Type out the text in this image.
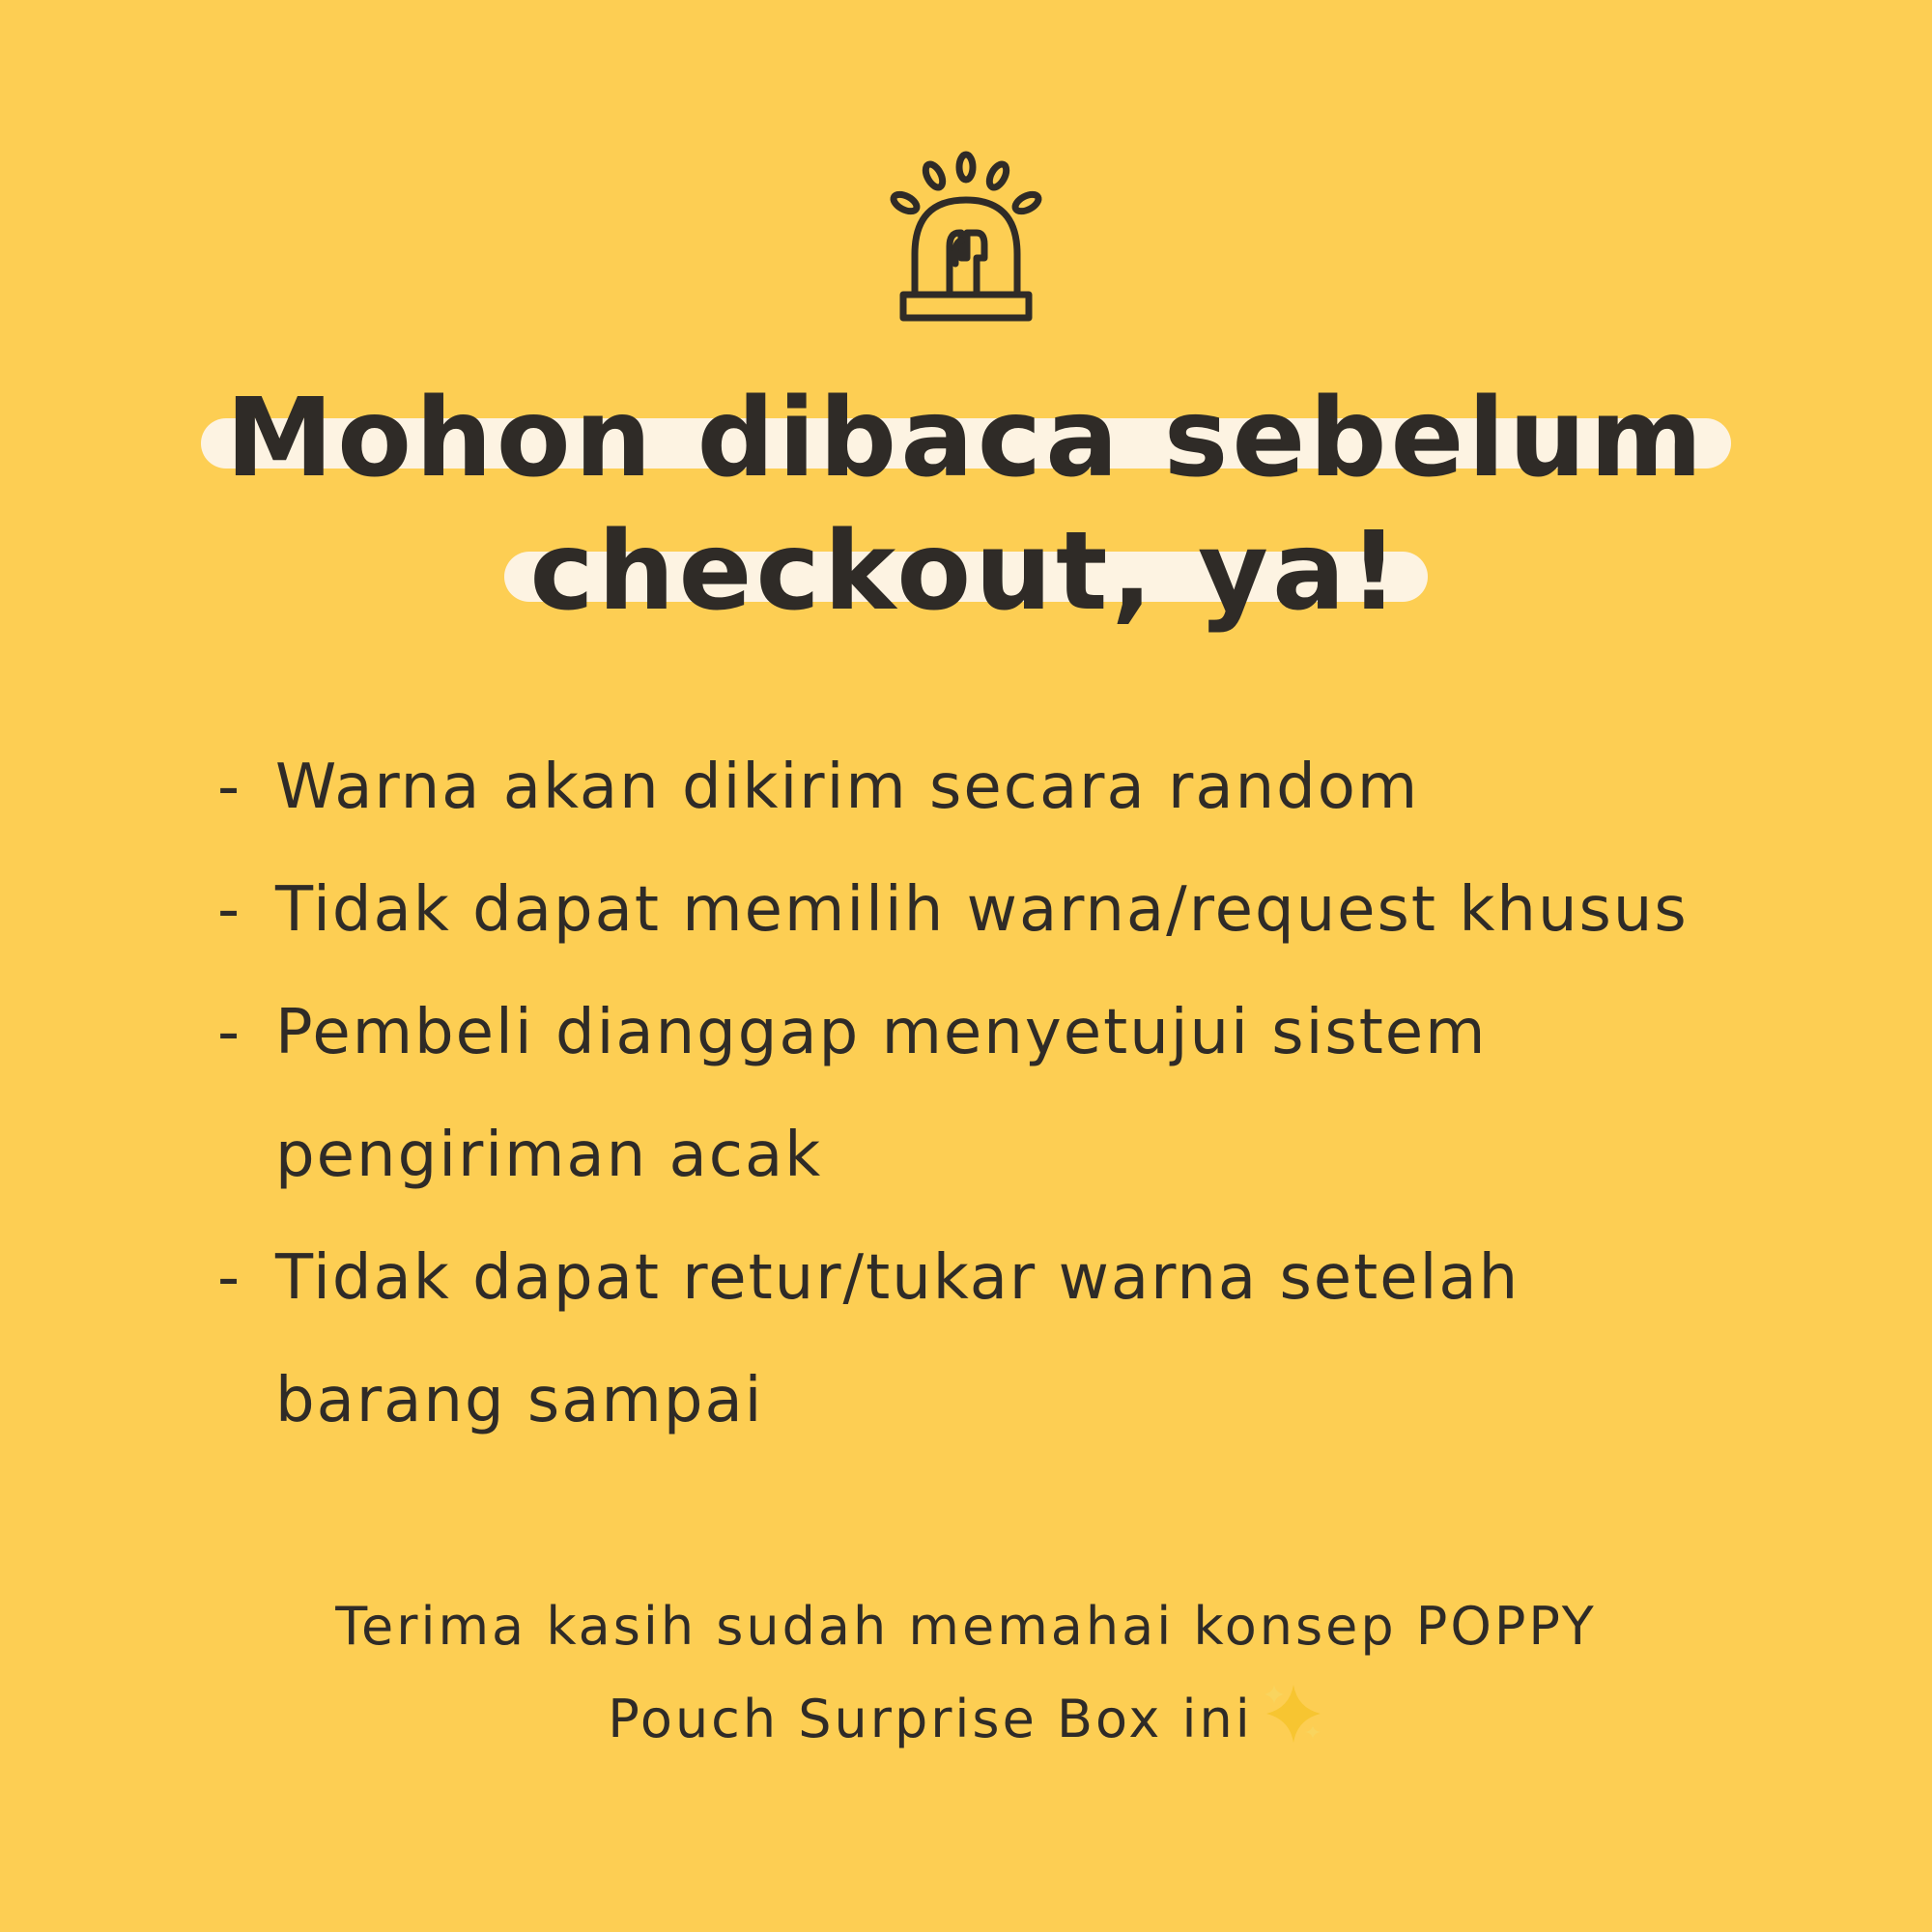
Mohon dibaca sebelum
checkout, ya!
- Warna akan dikirim secara random
- Tidak dapat memilih warna/request khusus
- Pembeli dianggap menyetujui sistem pengiriman acak
- Tidak dapat retur/tukar warna setelah barang sampai
Terima kasih sudah memahai konsep POPPY
Pouch Surprise Box ini
